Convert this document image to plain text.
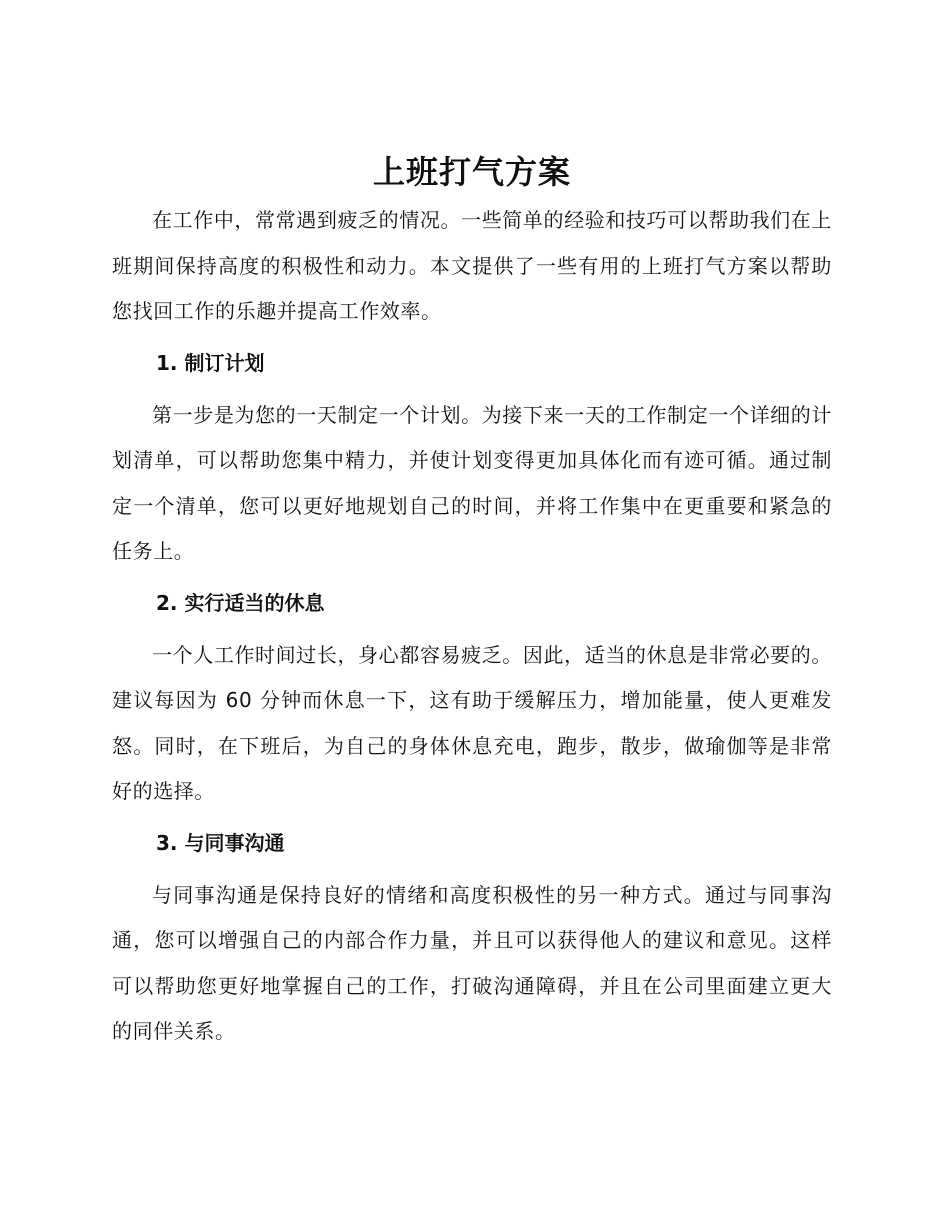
上班打气方案

在工作中，常常遇到疲乏的情况。一些简单的经验和技巧可以帮助我们在上班期间保持高度的积极性和动力。本文提供了一些有用的上班打气方案以帮助您找回工作的乐趣并提高工作效率。

1. 制订计划

第一步是为您的一天制定一个计划。为接下来一天的工作制定一个详细的计划清单，可以帮助您集中精力，并使计划变得更加具体化而有迹可循。通过制定一个清单，您可以更好地规划自己的时间，并将工作集中在更重要和紧急的任务上。

2. 实行适当的休息

一个人工作时间过长，身心都容易疲乏。因此，适当的休息是非常必要的。建议每因为 60 分钟而休息一下，这有助于缓解压力，增加能量，使人更难发怒。同时，在下班后，为自己的身体休息充电，跑步，散步，做瑜伽等是非常好的选择。

3. 与同事沟通

与同事沟通是保持良好的情绪和高度积极性的另一种方式。通过与同事沟通，您可以增强自己的内部合作力量，并且可以获得他人的建议和意见。这样可以帮助您更好地掌握自己的工作，打破沟通障碍，并且在公司里面建立更大的同伴关系。
